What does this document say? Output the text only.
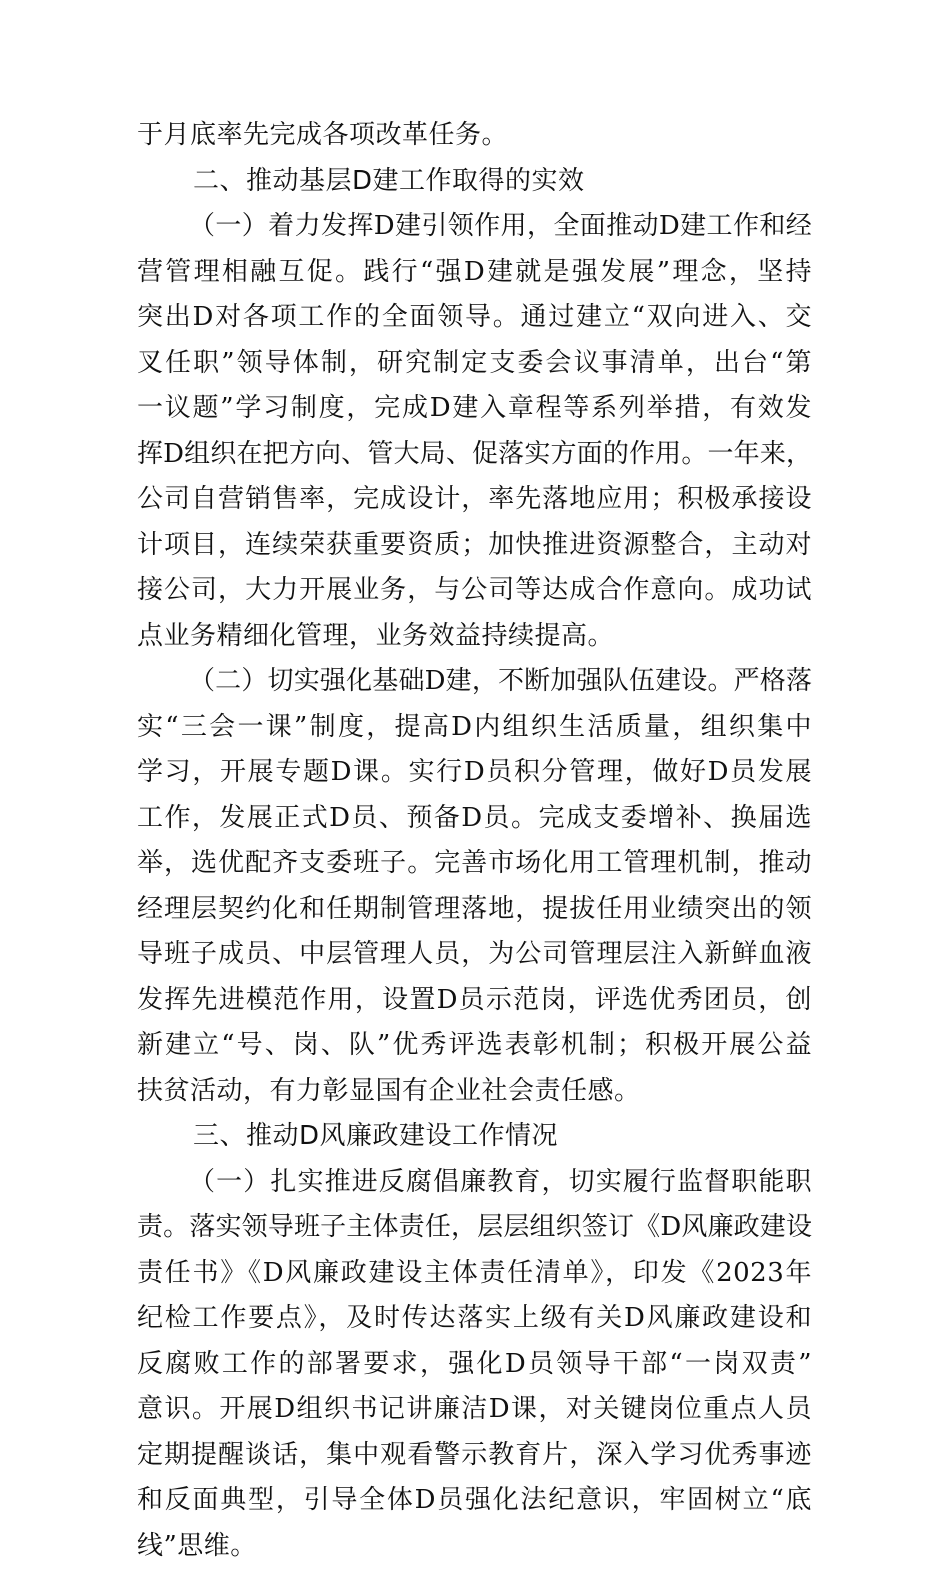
于月底率先完成各项改革任务。
二、推动基层D建工作取得的实效
（一）着力发挥D建引领作用，全面推动D建工作和经
营管理相融互促。践行“强D建就是强发展”理念，坚持
突出D对各项工作的全面领导。通过建立“双向进入、交
叉任职”领导体制，研究制定支委会议事清单，出台“第
一议题”学习制度，完成D建入章程等系列举措，有效发
挥D组织在把方向、管大局、促落实方面的作用。一年来，
公司自营销售率，完成设计，率先落地应用；积极承接设
计项目，连续荣获重要资质；加快推进资源整合，主动对
接公司，大力开展业务，与公司等达成合作意向。成功试
点业务精细化管理，业务效益持续提高。
（二）切实强化基础D建，不断加强队伍建设。严格落
实“三会一课”制度，提高D内组织生活质量，组织集中
学习，开展专题D课。实行D员积分管理，做好D员发展
工作，发展正式D员、预备D员。完成支委增补、换届选
举，选优配齐支委班子。完善市场化用工管理机制，推动
经理层契约化和任期制管理落地，提拔任用业绩突出的领
导班子成员、中层管理人员，为公司管理层注入新鲜血液
发挥先进模范作用，设置D员示范岗，评选优秀团员，创
新建立“号、岗、队”优秀评选表彰机制；积极开展公益
扶贫活动，有力彰显国有企业社会责任感。
三、推动D风廉政建设工作情况
（一）扎实推进反腐倡廉教育，切实履行监督职能职
责。落实领导班子主体责任，层层组织签订《D风廉政建设
责任书》《D风廉政建设主体责任清单》，印发《2023年
纪检工作要点》，及时传达落实上级有关D风廉政建设和
反腐败工作的部署要求，强化D员领导干部“一岗双责”
意识。开展D组织书记讲廉洁D课，对关键岗位重点人员
定期提醒谈话，集中观看警示教育片，深入学习优秀事迹
和反面典型，引导全体D员强化法纪意识，牢固树立“底
线”思维。
